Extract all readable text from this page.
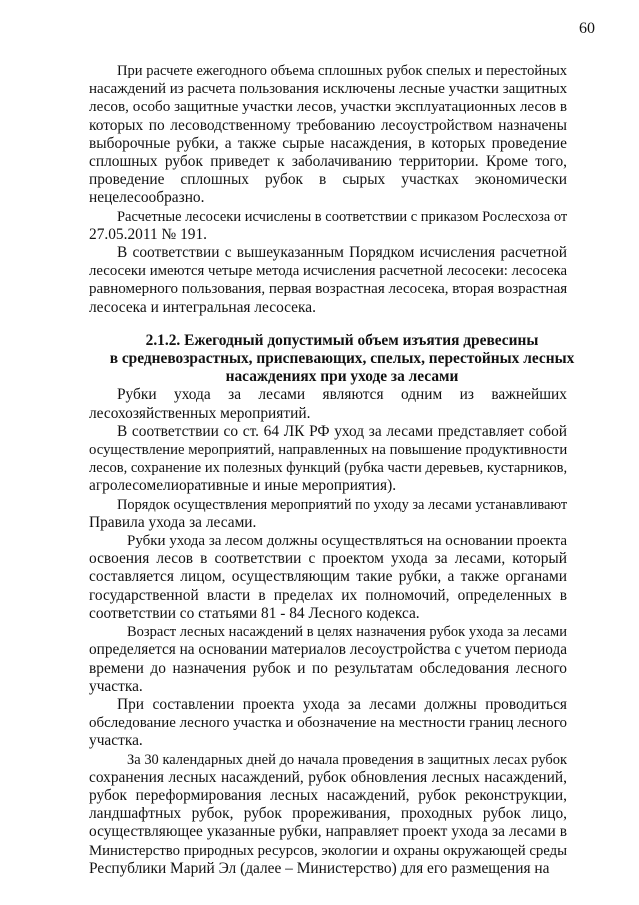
60
При расчете ежегодного объема сплошных рубок спелых и перестойных
насаждений из расчета пользования исключены лесные участки защитных
лесов, особо защитные участки лесов, участки эксплуатационных лесов в
которых по лесоводственному требованию лесоустройством назначены
выборочные рубки, а также сырые насаждения, в которых проведение
сплошных рубок приведет к заболачиванию территории. Кроме того,
проведение сплошных рубок в сырых участках экономически
нецелесообразно.
Расчетные лесосеки исчислены в соответствии с приказом Рослесхоза от
27.05.2011 № 191.
В соответствии с вышеуказанным Порядком исчисления расчетной
лесосеки имеются четыре метода исчисления расчетной лесосеки: лесосека
равномерного пользования, первая возрастная лесосека, вторая возрастная
лесосека и интегральная лесосека.
2.1.2. Ежегодный допустимый объем изъятия древесины
в средневозрастных, приспевающих, спелых, перестойных лесных
насаждениях при уходе за лесами
Рубки ухода за лесами являются одним из важнейших
лесохозяйственных мероприятий.
В соответствии со ст. 64 ЛК РФ уход за лесами представляет собой
осуществление мероприятий, направленных на повышение продуктивности
лесов, сохранение их полезных функций (рубка части деревьев, кустарников,
агролесомелиоративные и иные мероприятия).
Порядок осуществления мероприятий по уходу за лесами устанавливают
Правила ухода за лесами.
Рубки ухода за лесом должны осуществляться на основании проекта
освоения лесов в соответствии с проектом ухода за лесами, который
составляется лицом, осуществляющим такие рубки, а также органами
государственной власти в пределах их полномочий, определенных в
соответствии со статьями 81 - 84 Лесного кодекса.
Возраст лесных насаждений в целях назначения рубок ухода за лесами
определяется на основании материалов лесоустройства с учетом периода
времени до назначения рубок и по результатам обследования лесного
участка.
При составлении проекта ухода за лесами должны проводиться
обследование лесного участка и обозначение на местности границ лесного
участка.
За 30 календарных дней до начала проведения в защитных лесах рубок
сохранения лесных насаждений, рубок обновления лесных насаждений,
рубок переформирования лесных насаждений, рубок реконструкции,
ландшафтных рубок, рубок прореживания, проходных рубок лицо,
осуществляющее указанные рубки, направляет проект ухода за лесами в
Министерство природных ресурсов, экологии и охраны окружающей среды
Республики Марий Эл (далее – Министерство) для его размещения на
